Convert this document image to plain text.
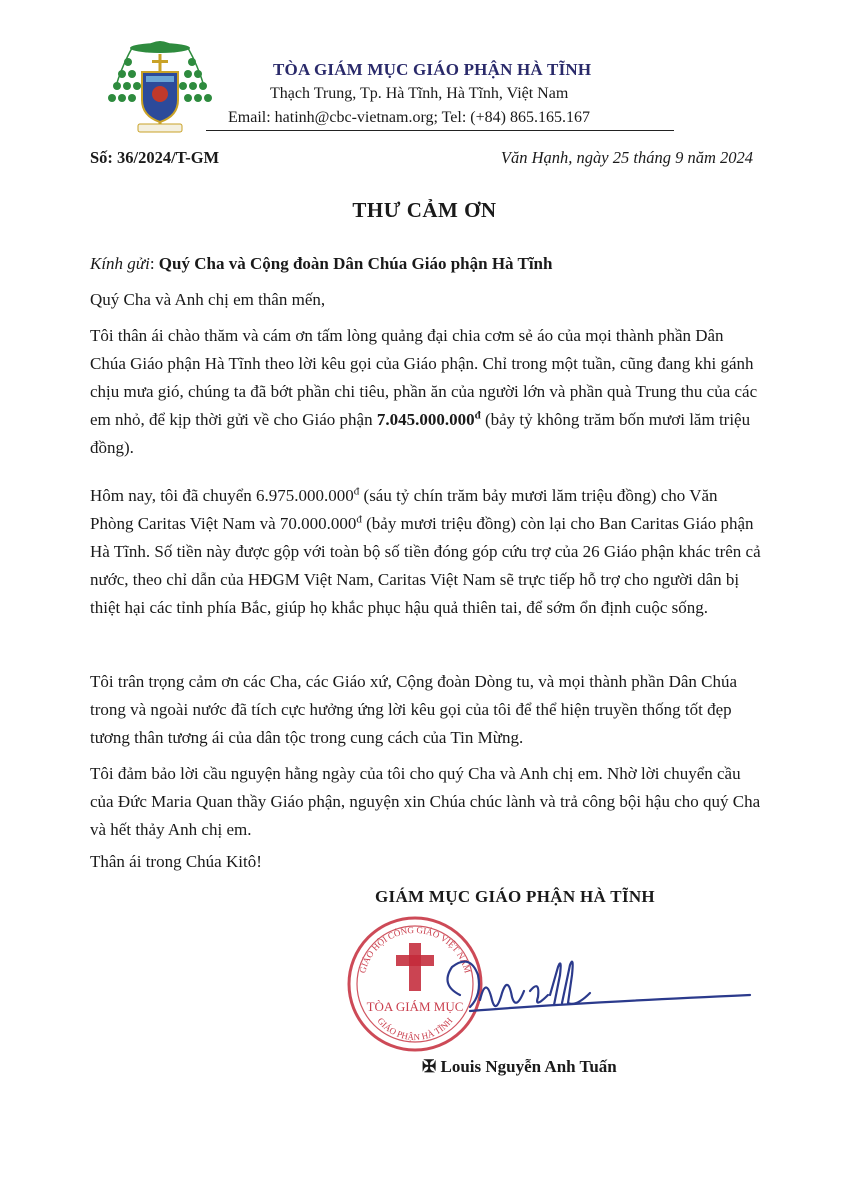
TÒA GIÁM MỤC GIÁO PHẬN HÀ TĨNH
Thạch Trung, Tp. Hà Tĩnh, Hà Tĩnh, Việt Nam
Email: hatinh@cbc-vietnam.org; Tel: (+84) 865.165.167
Số: 36/2024/T-GM	Văn Hạnh, ngày 25 tháng 9 năm 2024
THƯ CẢM ƠN
Kính gửi: Quý Cha và Cộng đoàn Dân Chúa Giáo phận Hà Tĩnh
Quý Cha và Anh chị em thân mến,

Tôi thân ái chào thăm và cám ơn tấm lòng quảng đại chia cơm sẻ áo của mọi thành phần Dân Chúa Giáo phận Hà Tĩnh theo lời kêu gọi của Giáo phận. Chỉ trong một tuần, cũng đang khi gánh chịu mưa gió, chúng ta đã bớt phần chi tiêu, phần ăn của người lớn và phần quà Trung thu của các em nhỏ, để kịp thời gửi về cho Giáo phận $7.045.000.000^đ$ (bảy tỷ không trăm bốn mươi lăm triệu đồng).

Hôm nay, tôi đã chuyển $6.975.000.000^đ$ (sáu tỷ chín trăm bảy mươi lăm triệu đồng) cho Văn Phòng Caritas Việt Nam và $70.000.000^đ$ (bảy mươi triệu đồng) còn lại cho Ban Caritas Giáo phận Hà Tĩnh. Số tiền này được gộp với toàn bộ số tiền đóng góp cứu trợ của 26 Giáo phận khác trên cả nước, theo chỉ dẫn của HĐGM Việt Nam, Caritas Việt Nam sẽ trực tiếp hỗ trợ cho người dân bị thiệt hại các tỉnh phía Bắc, giúp họ khắc phục hậu quả thiên tai, để sớm ổn định cuộc sống.

Tôi trân trọng cảm ơn các Cha, các Giáo xứ, Cộng đoàn Dòng tu, và mọi thành phần Dân Chúa trong và ngoài nước đã tích cực hưởng ứng lời kêu gọi của tôi để thể hiện truyền thống tốt đẹp tương thân tương ái của dân tộc trong cung cách của Tin Mừng.

Tôi đảm bảo lời cầu nguyện hằng ngày của tôi cho quý Cha và Anh chị em. Nhờ lời chuyển cầu của Đức Maria Quan thầy Giáo phận, nguyện xin Chúa chúc lành và trả công bội hậu cho quý Cha và hết thảy Anh chị em.

Thân ái trong Chúa Kitô!
GIÁM MỤC GIÁO PHẬN HÀ TĨNH
GIÁO HỘI CÔNG GIÁO VIỆT NAM
GIÁO PHẬN HÀ TĨNH
TÒA GIÁM MỤC
✠ Louis Nguyễn Anh Tuấn
